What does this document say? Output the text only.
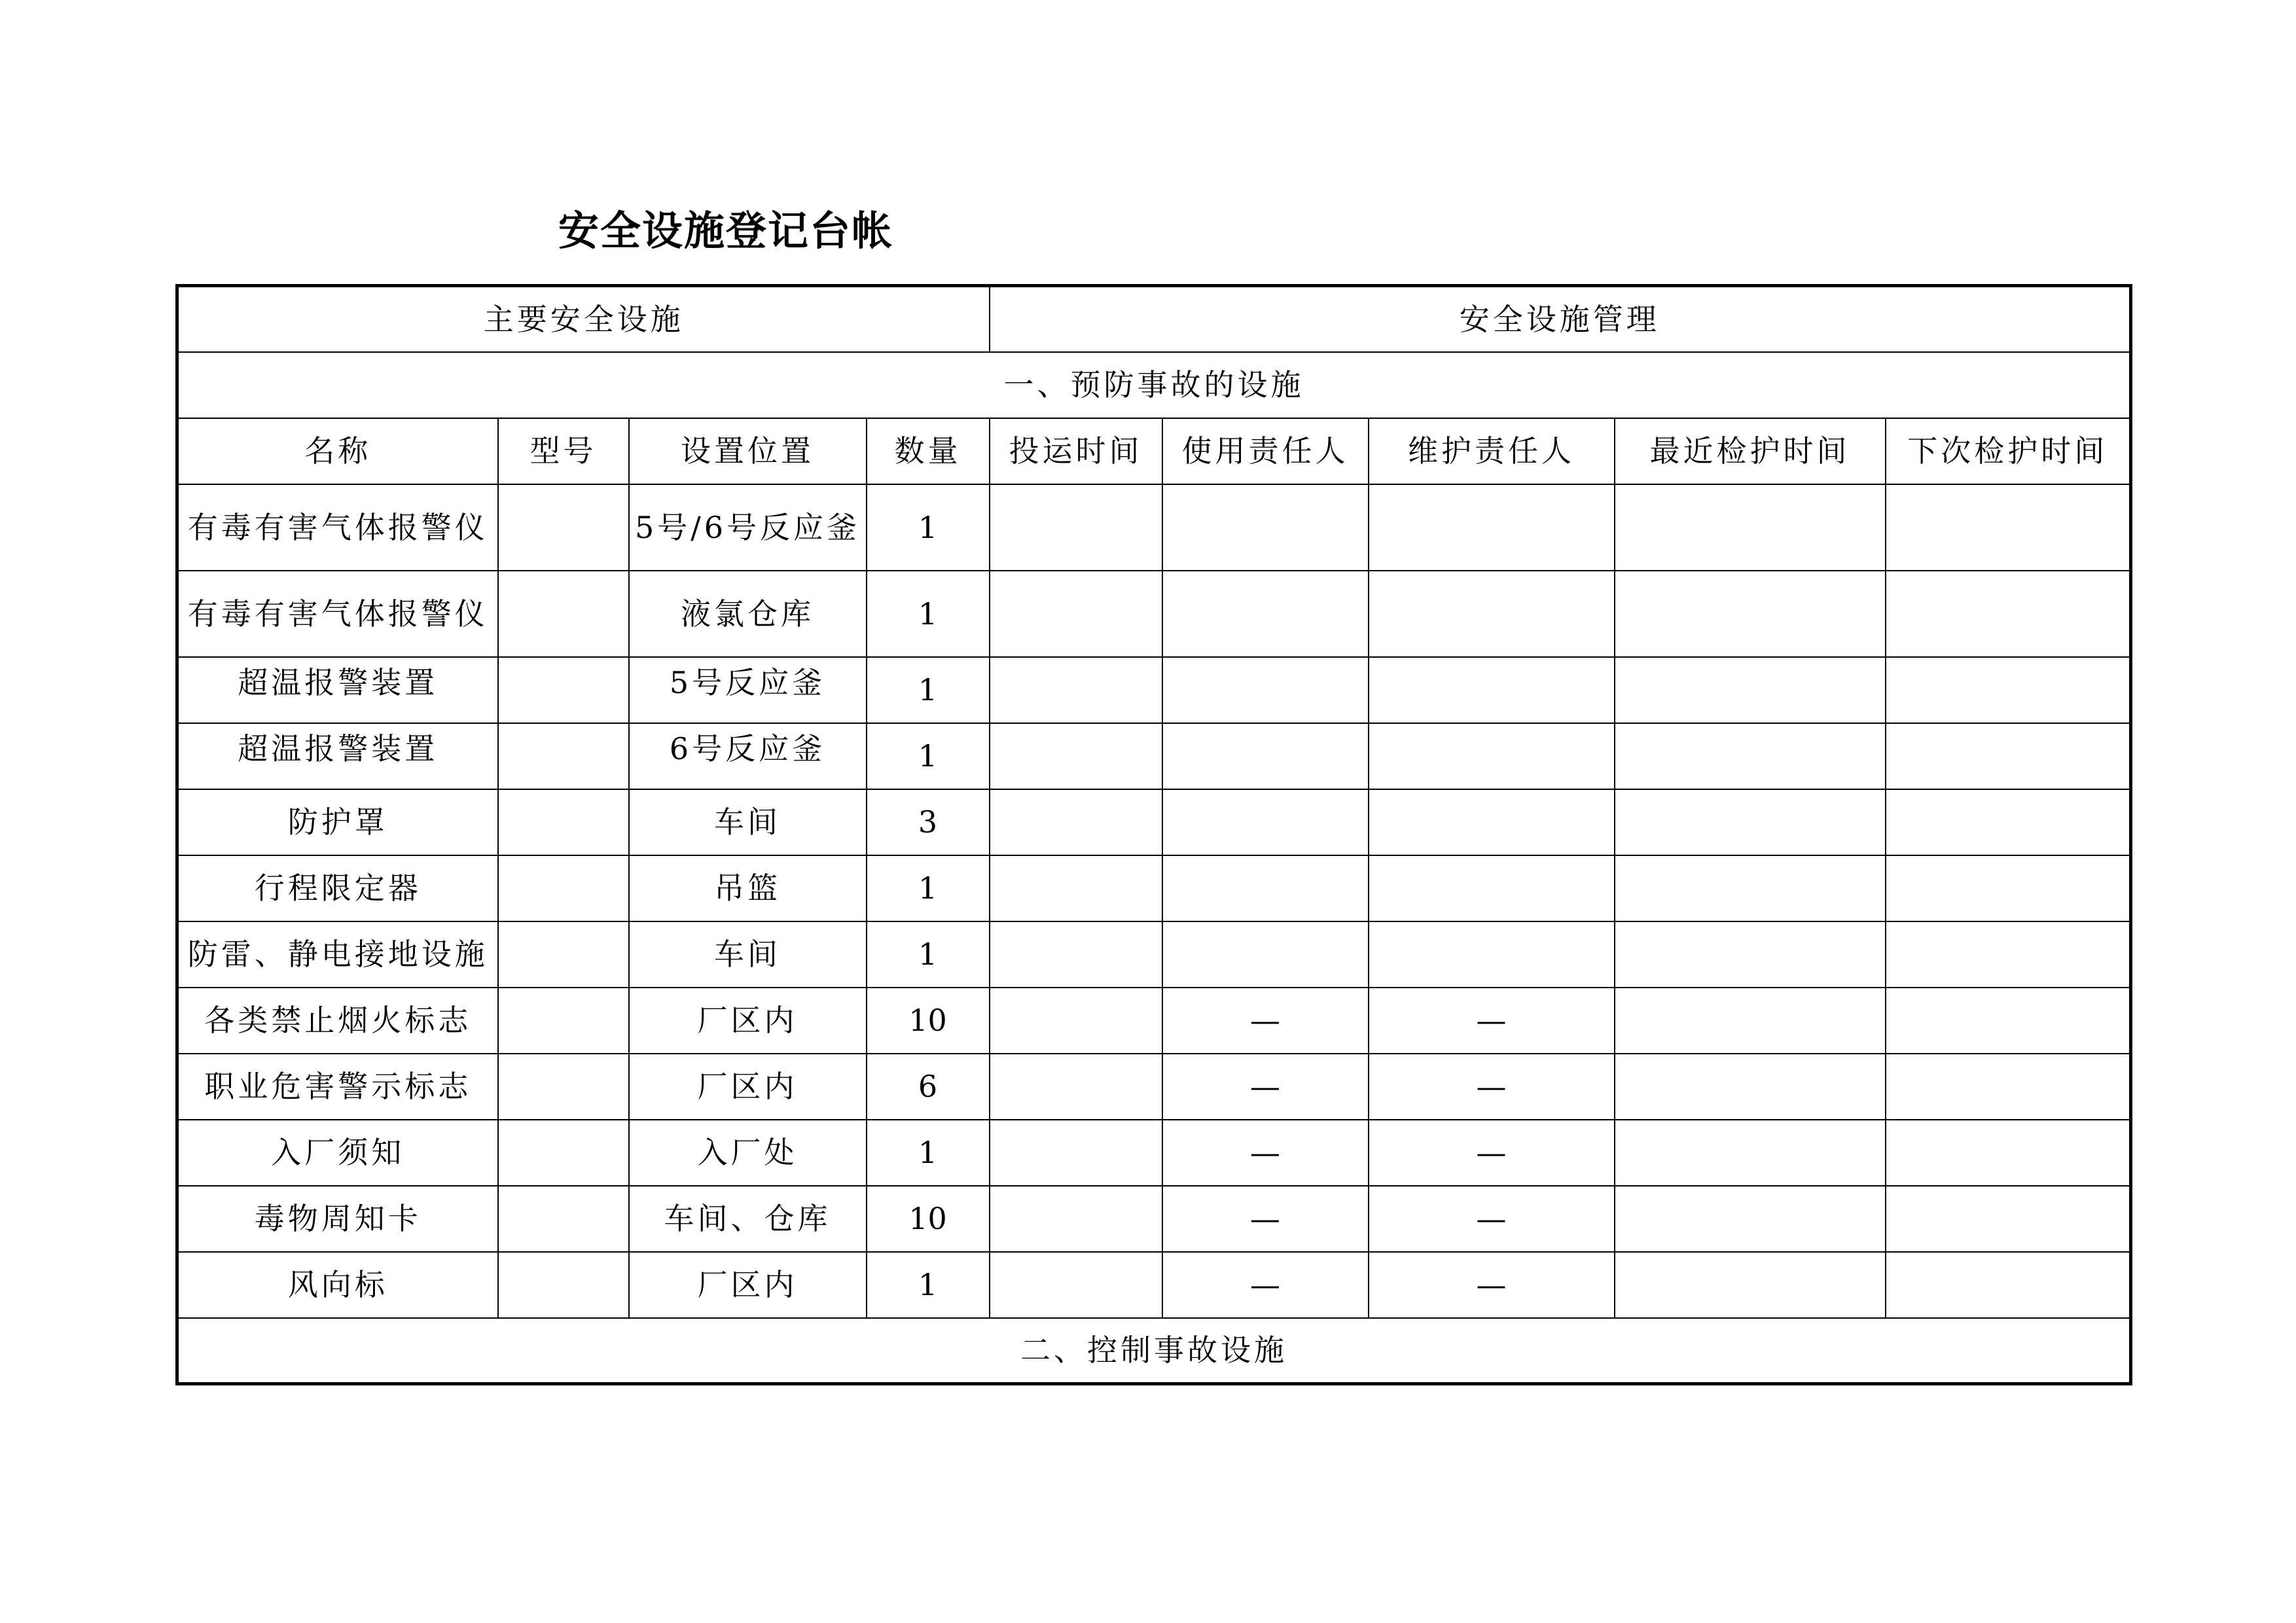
安全设施登记台帐
主要安全设施				安全设施管理				
一、预防事故的设施								
名称	型号	设置位置	数量	投运时间	使用责任人	维护责任人	最近检护时间	下次检护时间
有毒有害气体报警仪		5号/6号反应釜	1					
有毒有害气体报警仪		液氯仓库	1					
超温报警装置		5号反应釜	1					
超温报警装置		6号反应釜	1					
防护罩		车间	3					
行程限定器		吊篮	1					
防雷、静电接地设施		车间	1					
各类禁止烟火标志		厂区内	10		—	—		
职业危害警示标志		厂区内	6		—	—		
入厂须知		入厂处	1		—	—		
毒物周知卡		车间、仓库	10		—	—		
风向标		厂区内	1		—	—		
二、控制事故设施								
